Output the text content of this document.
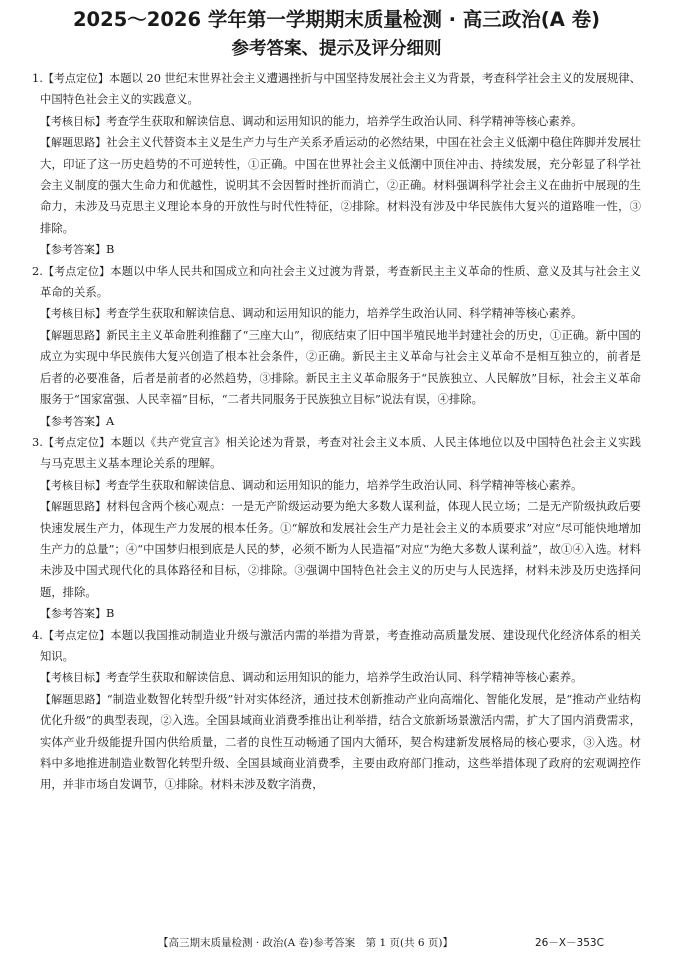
2025～2026 学年第一学期期末质量检测 · 高三政治(A 卷)
参考答案、提示及评分细则

1.【考点定位】本题以 20 世纪末世界社会主义遭遇挫折与中国坚持发展社会主义为背景，考查科学社会主义的发展规律、中国特色社会主义的实践意义。

【考核目标】考查学生获取和解读信息、调动和运用知识的能力，培养学生政治认同、科学精神等核心素养。

【解题思路】社会主义代替资本主义是生产力与生产关系矛盾运动的必然结果，中国在社会主义低潮中稳住阵脚并发展壮大，印证了这一历史趋势的不可逆转性，①正确。中国在世界社会主义低潮中顶住冲击、持续发展，充分彰显了科学社会主义制度的强大生命力和优越性，说明其不会因暂时挫折而消亡，②正确。材料强调科学社会主义在曲折中展现的生命力，未涉及马克思主义理论本身的开放性与时代性特征，②排除。材料没有涉及中华民族伟大复兴的道路唯一性，③排除。

【参考答案】B

2.【考点定位】本题以中华人民共和国成立和向社会主义过渡为背景，考查新民主主义革命的性质、意义及其与社会主义革命的关系。

【考核目标】考查学生获取和解读信息、调动和运用知识的能力，培养学生政治认同、科学精神等核心素养。

【解题思路】新民主主义革命胜利推翻了“三座大山”，彻底结束了旧中国半殖民地半封建社会的历史，①正确。新中国的成立为实现中华民族伟大复兴创造了根本社会条件，②正确。新民主主义革命与社会主义革命不是相互独立的，前者是后者的必要准备，后者是前者的必然趋势，③排除。新民主主义革命服务于“民族独立、人民解放”目标，社会主义革命服务于“国家富强、人民幸福”目标，“二者共同服务于民族独立目标”说法有误，④排除。

【参考答案】A

3.【考点定位】本题以《共产党宣言》相关论述为背景，考查对社会主义本质、人民主体地位以及中国特色社会主义实践与马克思主义基本理论关系的理解。

【考核目标】考查学生获取和解读信息、调动和运用知识的能力，培养学生政治认同、科学精神等核心素养。

【解题思路】材料包含两个核心观点：一是无产阶级运动要为绝大多数人谋利益，体现人民立场；二是无产阶级执政后要快速发展生产力，体现生产力发展的根本任务。①“解放和发展社会生产力是社会主义的本质要求”对应“尽可能快地增加生产力的总量”；④“中国梦归根到底是人民的梦，必须不断为人民造福”对应“为绝大多数人谋利益”，故①④入选。材料未涉及中国式现代化的具体路径和目标，②排除。③强调中国特色社会主义的历史与人民选择，材料未涉及历史选择问题，排除。

【参考答案】B

4.【考点定位】本题以我国推动制造业升级与激活内需的举措为背景，考查推动高质量发展、建设现代化经济体系的相关知识。

【考核目标】考查学生获取和解读信息、调动和运用知识的能力，培养学生政治认同、科学精神等核心素养。

【解题思路】“制造业数智化转型升级”针对实体经济，通过技术创新推动产业向高端化、智能化发展，是“推动产业结构优化升级”的典型表现，②入选。全国县域商业消费季推出让利举措，结合文旅新场景激活内需，扩大了国内消费需求，实体产业升级能提升国内供给质量，二者的良性互动畅通了国内大循环，契合构建新发展格局的核心要求，③入选。材料中多地推进制造业数智化转型升级、全国县域商业消费季，主要由政府部门推动，这些举措体现了政府的宏观调控作用，并非市场自发调节，①排除。材料未涉及数字消费，

【高三期末质量检测 · 政治(A 卷)参考答案　第 1 页(共 6 页)】	26－X－353C
